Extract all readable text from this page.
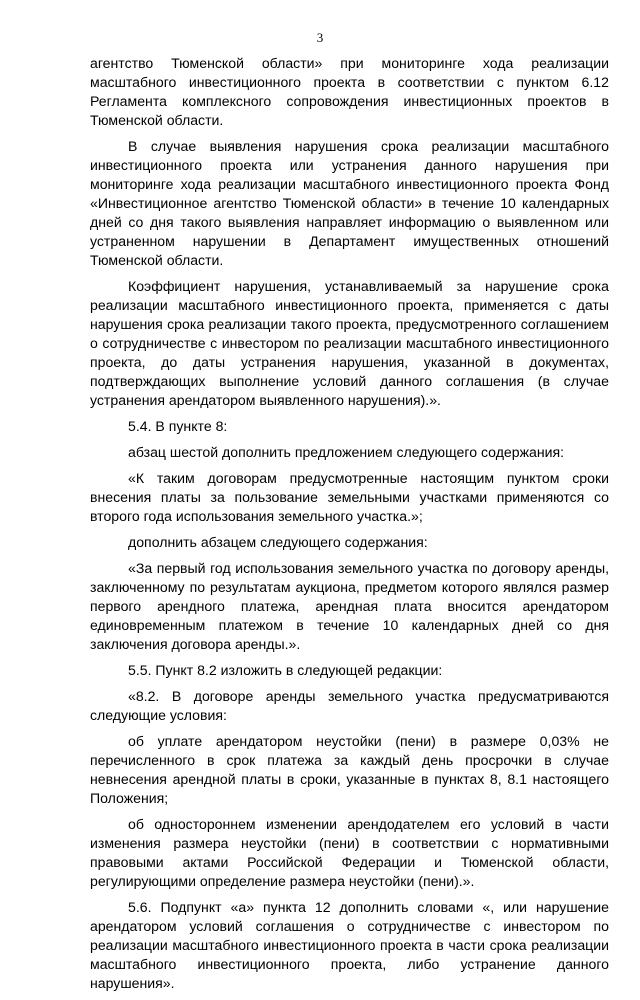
3

агентство Тюменской области» при мониторинге хода реализации масштабного инвестиционного проекта в соответствии с пунктом 6.12 Регламента комплексного сопровождения инвестиционных проектов в Тюменской области.

В случае выявления нарушения срока реализации масштабного инвестиционного проекта или устранения данного нарушения при мониторинге хода реализации масштабного инвестиционного проекта Фонд «Инвестиционное агентство Тюменской области» в течение 10 календарных дней со дня такого выявления направляет информацию о выявленном или устраненном нарушении в Департамент имущественных отношений Тюменской области.

Коэффициент нарушения, устанавливаемый за нарушение срока реализации масштабного инвестиционного проекта, применяется с даты нарушения срока реализации такого проекта, предусмотренного соглашением о сотрудничестве с инвестором по реализации масштабного инвестиционного проекта, до даты устранения нарушения, указанной в документах, подтверждающих выполнение условий данного соглашения (в случае устранения арендатором выявленного нарушения).».

5.4. В пункте 8:

абзац шестой дополнить предложением следующего содержания:

«К таким договорам предусмотренные настоящим пунктом сроки внесения платы за пользование земельными участками применяются со второго года использования земельного участка.»;

дополнить абзацем следующего содержания:

«За первый год использования земельного участка по договору аренды, заключенному по результатам аукциона, предметом которого являлся размер первого арендного платежа, арендная плата вносится арендатором единовременным платежом в течение 10 календарных дней со дня заключения договора аренды.».

5.5. Пункт 8.2 изложить в следующей редакции:

«8.2. В договоре аренды земельного участка предусматриваются следующие условия:

об уплате арендатором неустойки (пени) в размере 0,03% не перечисленного в срок платежа за каждый день просрочки в случае невнесения арендной платы в сроки, указанные в пунктах 8, 8.1 настоящего Положения;

об одностороннем изменении арендодателем его условий в части изменения размера неустойки (пени) в соответствии с нормативными правовыми актами Российской Федерации и Тюменской области, регулирующими определение размера неустойки (пени).».

5.6. Подпункт «а» пункта 12 дополнить словами «, или нарушение арендатором условий соглашения о сотрудничестве с инвестором по реализации масштабного инвестиционного проекта в части срока реализации масштабного инвестиционного проекта, либо устранение данного нарушения».
